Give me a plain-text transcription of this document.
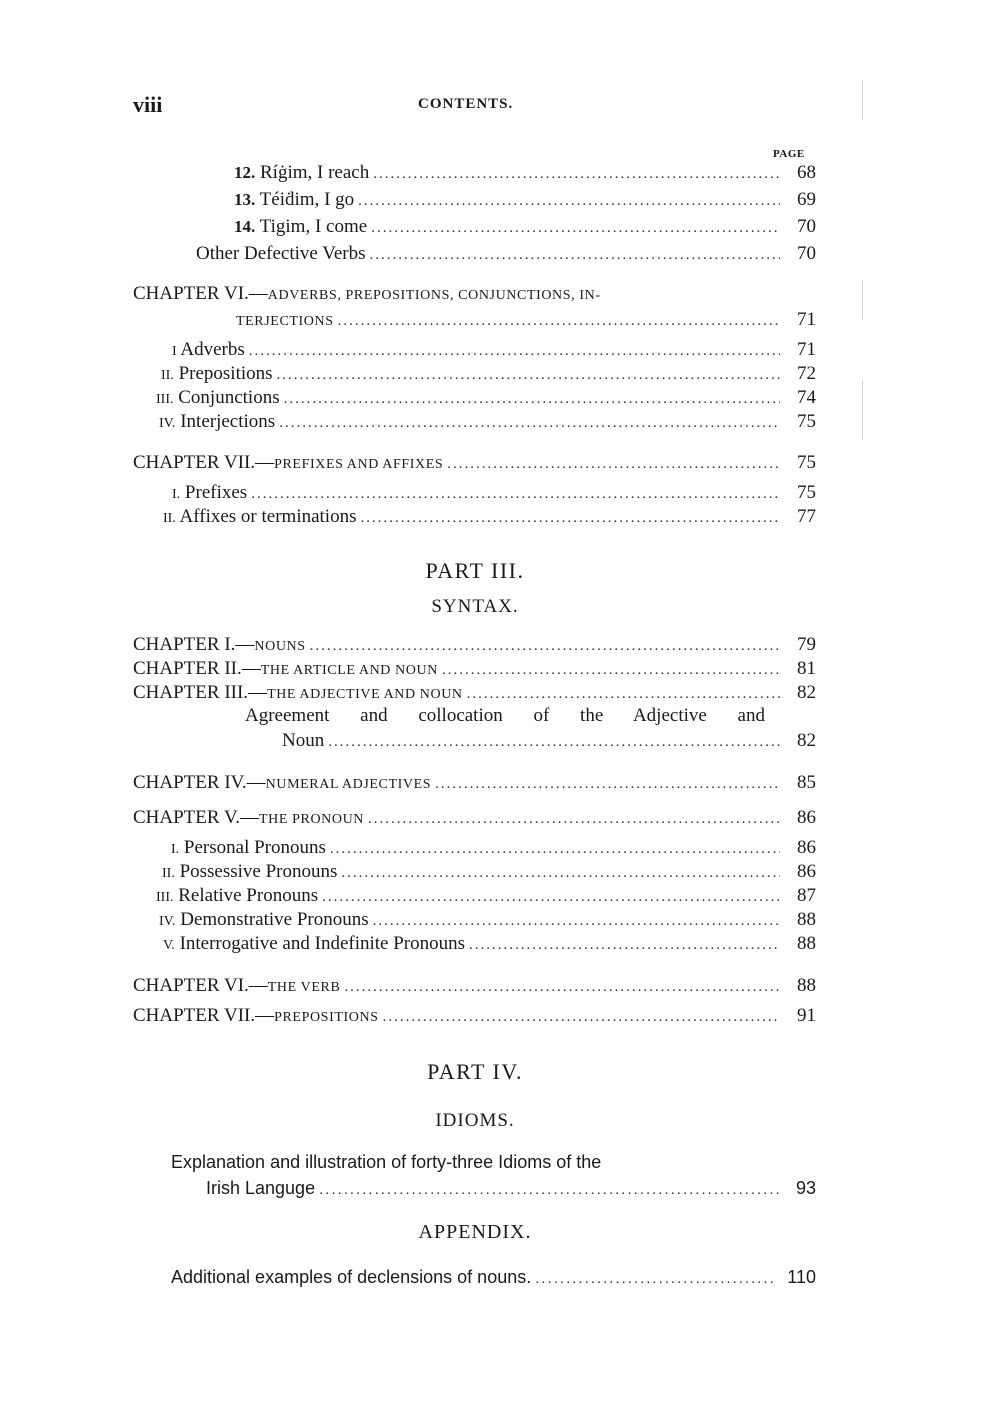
viii	CONTENTS.
PAGE
12. Ríġim, I reach .....	68
13. Téiḋim, I go .....	69
14. Tigim, I come .....	70
Other Defective Verbs .....	70
CHAPTER VI.—ADVERBS, PREPOSITIONS, CONJUNCTIONS, IN-
TERJECTIONS .....	71
I Adverbs .....	71
II. Prepositions .....	72
III. Conjunctions .....	74
IV. Interjections .....	75
CHAPTER VII.—PREFIXES AND AFFIXES .....	75
I. Prefixes .....	75
II. Affixes or terminations .....	77
PART III.
SYNTAX.
CHAPTER I.—NOUNS .....	79
CHAPTER II.—THE ARTICLE AND NOUN .....	81
CHAPTER III.—THE ADJECTIVE AND NOUN .....	82
Agreement and collocation of the Adjective and
Noun .....	82
CHAPTER IV.—NUMERAL ADJECTIVES .....	85
CHAPTER V.—THE PRONOUN .....	86
I. Personal Pronouns .....	86
II. Possessive Pronouns .....	86
III. Relative Pronouns .....	87
IV. Demonstrative Pronouns .....	88
V. Interrogative and Indefinite Pronouns .....	88
CHAPTER VI.—THE VERB .....	88
CHAPTER VII.—PREPOSITIONS .....	91
PART IV.
IDIOMS.
Explanation and illustration of forty-three Idioms of the
Irish Languge .....	93
APPENDIX.
Additional examples of declensions of nouns. .....	110
